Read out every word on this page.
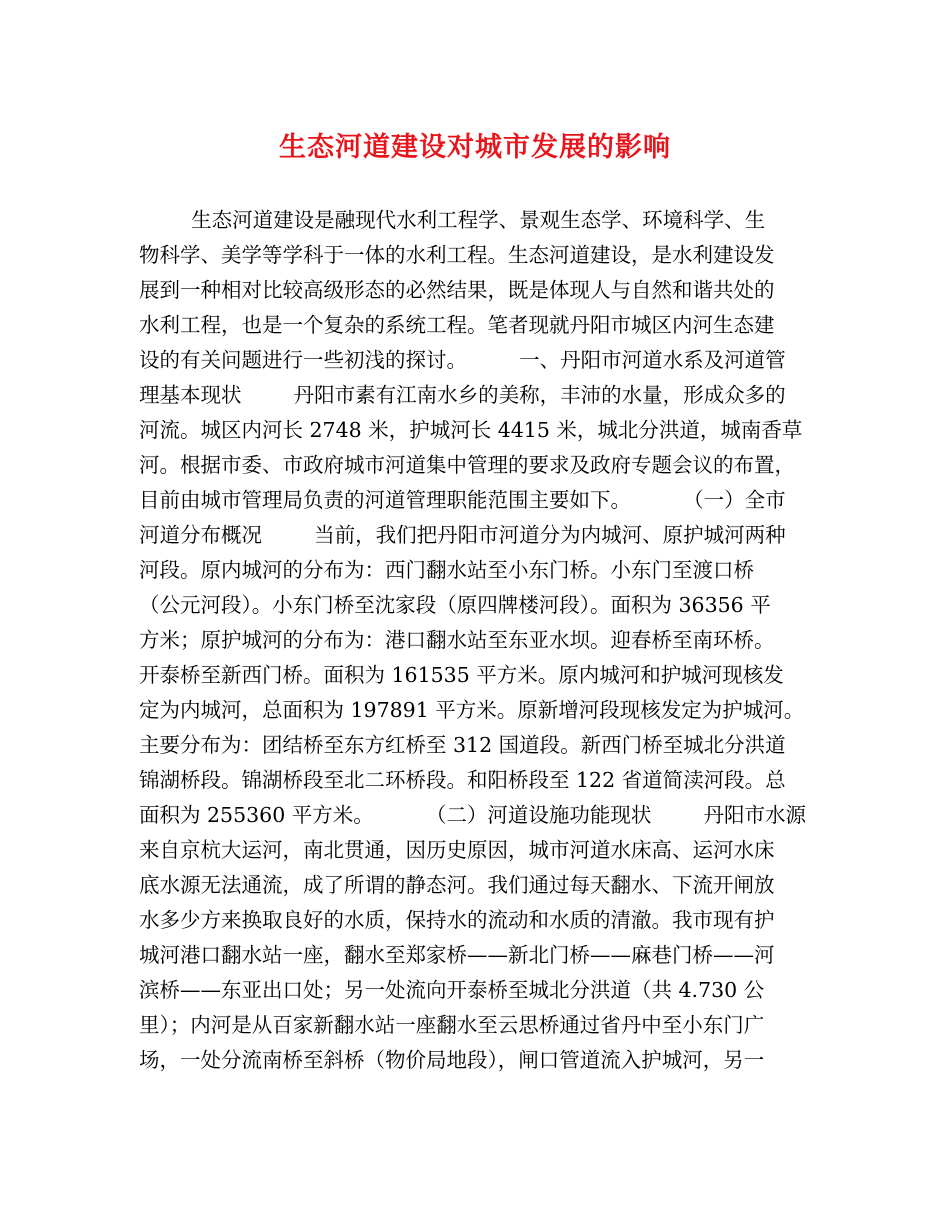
生态河道建设对城市发展的影响
生态河道建设是融现代水利工程学、景观生态学、环境科学、生
物科学、美学等学科于一体的水利工程。生态河道建设，是水利建设发
展到一种相对比较高级形态的必然结果，既是体现人与自然和谐共处的
水利工程，也是一个复杂的系统工程。笔者现就丹阳市城区内河生态建
设的有关问题进行一些初浅的探讨。        一、丹阳市河道水系及河道管
理基本现状        丹阳市素有江南水乡的美称，丰沛的水量，形成众多的
河流。城区内河长 2748 米，护城河长 4415 米，城北分洪道，城南香草
河。根据市委、市政府城市河道集中管理的要求及政府专题会议的布置，
目前由城市管理局负责的河道管理职能范围主要如下。        （一）全市
河道分布概况        当前，我们把丹阳市河道分为内城河、原护城河两种
河段。原内城河的分布为：西门翻水站至小东门桥。小东门至渡口桥
（公元河段）。小东门桥至沈家段（原四牌楼河段）。面积为 36356 平
方米；原护城河的分布为：港口翻水站至东亚水坝。迎春桥至南环桥。
开泰桥至新西门桥。面积为 161535 平方米。原内城河和护城河现核发
定为内城河，总面积为 197891 平方米。原新增河段现核发定为护城河。
主要分布为：团结桥至东方红桥至 312 国道段。新西门桥至城北分洪道
锦湖桥段。锦湖桥段至北二环桥段。和阳桥段至 122 省道简渎河段。总
面积为 255360 平方米。        （二）河道设施功能现状        丹阳市水源
来自京杭大运河，南北贯通，因历史原因，城市河道水床高、运河水床
底水源无法通流，成了所谓的静态河。我们通过每天翻水、下流开闸放
水多少方来换取良好的水质，保持水的流动和水质的清澈。我市现有护
城河港口翻水站一座，翻水至郑家桥——新北门桥——麻巷门桥——河
滨桥——东亚出口处；另一处流向开泰桥至城北分洪道（共 4.730 公
里）；内河是从百家新翻水站一座翻水至云思桥通过省丹中至小东门广
场，一处分流南桥至斜桥（物价局地段），闸口管道流入护城河，另一
